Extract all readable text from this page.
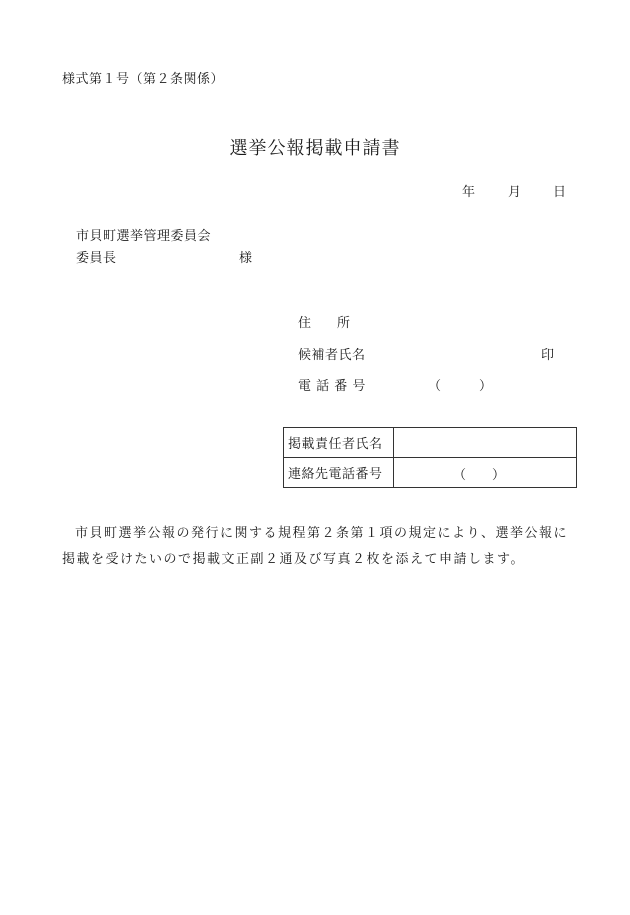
様式第１号（第２条関係）
選挙公報掲載申請書
年	月 日
市貝町選挙管理委員会
委員長	様
住　　所
候補者氏名	印
電 話 番 号	（	）
掲載責任者氏名	
連絡先電話番号	（ ）
市貝町選挙公報の発行に関する規程第２条第１項の規定により、選挙公報に
掲載を受けたいので掲載文正副２通及び写真２枚を添えて申請します。
